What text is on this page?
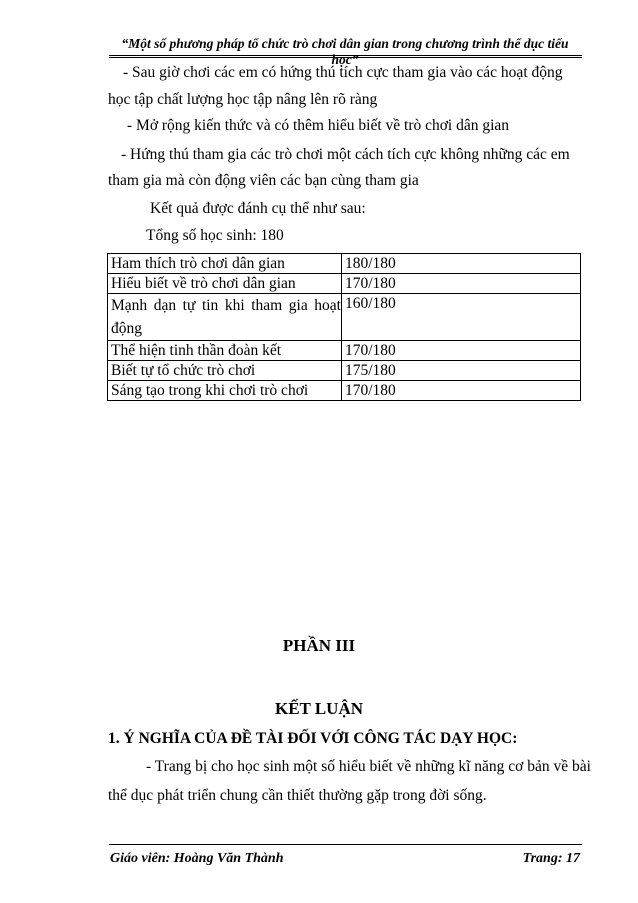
“Một số phương pháp tổ chức trò chơi dân gian trong chương trình thể dục tiểu học”
- Sau giờ chơi các em có hứng thú tích cực tham gia vào các hoạt động
học tập chất lượng học tập nâng lên rõ ràng
- Mở rộng kiến thức và có thêm hiểu biết về trò chơi dân gian
- Hứng thú tham gia các trò chơi một cách tích cực không những các em
tham gia mà còn động viên các bạn cùng tham gia
Kết quả được đánh cụ thể như sau:
Tổng số học sinh: 180
Ham thích trò chơi dân gian	180/180
Hiểu biết về trò chơi dân gian	170/180
Mạnh dạn tự tin khi tham gia hoạt động	160/180
Thể hiện tinh thần đoàn kết	170/180
Biết tự tổ chức trò chơi	175/180
Sáng tạo trong khi chơi trò chơi	170/180
PHẦN III
KẾT LUẬN
1. Ý NGHĨA CỦA ĐỀ TÀI ĐỐI VỚI CÔNG TÁC DẠY HỌC:
- Trang bị cho học sinh một số hiểu biết về những kĩ năng cơ bản về bài
thể dục phát triển chung cần thiết thường gặp trong đời sống.
Giáo viên: Hoàng Văn Thành	Trang: 17
